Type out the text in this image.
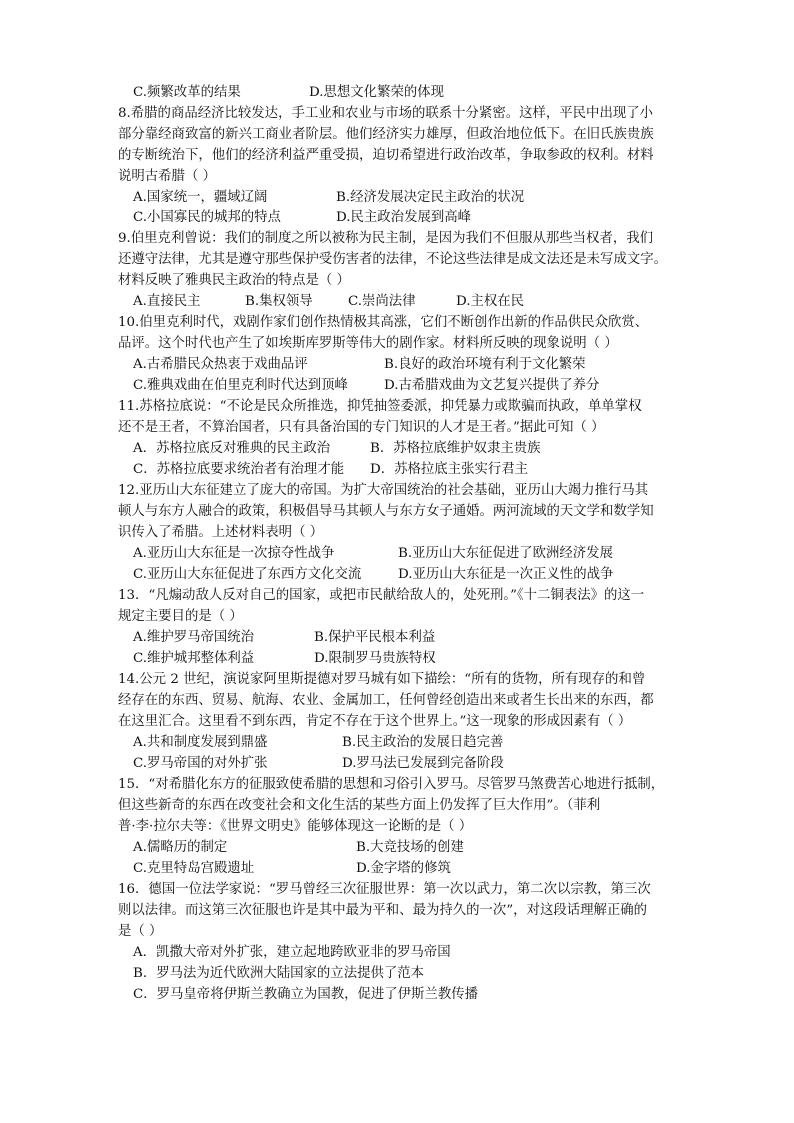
C.频繁改革的结果	D.思想文化繁荣的体现
8.希腊的商品经济比较发达，手工业和农业与市场的联系十分紧密。这样，平民中出现了小
部分靠经商致富的新兴工商业者阶层。他们经济实力雄厚，但政治地位低下。在旧氏族贵族
的专断统治下，他们的经济利益严重受损，迫切希望进行政治改革，争取参政的权利。材料
说明古希腊（ ）
A.国家统一，疆域辽阔	B.经济发展决定民主政治的状况
C.小国寡民的城邦的特点	D.民主政治发展到高峰
9.伯里克利曾说：我们的制度之所以被称为民主制，是因为我们不但服从那些当权者，我们
还遵守法律，尤其是遵守那些保护受伤害者的法律，不论这些法律是成文法还是未写成文字。
材料反映了雅典民主政治的特点是（ ）
A.直接民主	B.集权领导	C.崇尚法律	D.主权在民
10.伯里克利时代，戏剧作家们创作热情极其高涨，它们不断创作出新的作品供民众欣赏、
品评。这个时代也产生了如埃斯库罗斯等伟大的剧作家。材料所反映的现象说明（ ）
A.古希腊民众热衷于戏曲品评	B.良好的政治环境有利于文化繁荣
C.雅典戏曲在伯里克利时代达到顶峰	D.古希腊戏曲为文艺复兴提供了养分
11.苏格拉底说：“不论是民众所推选，抑凭抽签委派，抑凭暴力或欺骗而执政，单单掌权
还不是王者，不算治国者，只有具备治国的专门知识的人才是王者。”据此可知（ ）
A．苏格拉底反对雅典的民主政治	B．苏格拉底维护奴隶主贵族
C．苏格拉底要求统治者有治理才能 D．苏格拉底主张实行君主
12.亚历山大东征建立了庞大的帝国。为扩大帝国统治的社会基础，亚历山大竭力推行马其
顿人与东方人融合的政策，积极倡导马其顿人与东方女子通婚。两河流域的天文学和数学知
识传入了希腊。上述材料表明（ ）
A.亚历山大东征是一次掠夺性战争	B.亚历山大东征促进了欧洲经济发展
C.亚历山大东征促进了东西方文化交流	D.亚历山大东征是一次正义性的战争
13．“凡煽动敌人反对自己的国家，或把市民献给敌人的，处死刑。”《十二铜表法》的这一
规定主要目的是（ ）
A.维护罗马帝国统治	B.保护平民根本利益
C.维护城邦整体利益	D.限制罗马贵族特权
14.公元 2 世纪，演说家阿里斯提德对罗马城有如下描绘：“所有的货物，所有现存的和曾
经存在的东西、贸易、航海、农业、金属加工，任何曾经创造出来或者生长出来的东西，都
在这里汇合。这里看不到东西，肯定不存在于这个世界上。”这一现象的形成因素有（ ）
A.共和制度发展到鼎盛	B.民主政治的发展日趋完善
C.罗马帝国的对外扩张	D.罗马法已发展到完备阶段
15．“对希腊化东方的征服致使希腊的思想和习俗引入罗马。尽管罗马煞费苦心地进行抵制，
但这些新奇的东西在改变社会和文化生活的某些方面上仍发挥了巨大作用”。（菲利
普·李·拉尔夫等：《世界文明史》能够体现这一论断的是（ ）
A.儒略历的制定	B.大竞技场的创建
C.克里特岛宫殿遗址	D.金字塔的修筑
16．德国一位法学家说：“罗马曾经三次征服世界：第一次以武力，第二次以宗教，第三次
则以法律。而这第三次征服也许是其中最为平和、最为持久的一次”，对这段话理解正确的
是（ ）
A．凯撒大帝对外扩张，建立起地跨欧亚非的罗马帝国
B．罗马法为近代欧洲大陆国家的立法提供了范本
C．罗马皇帝将伊斯兰教确立为国教，促进了伊斯兰教传播
